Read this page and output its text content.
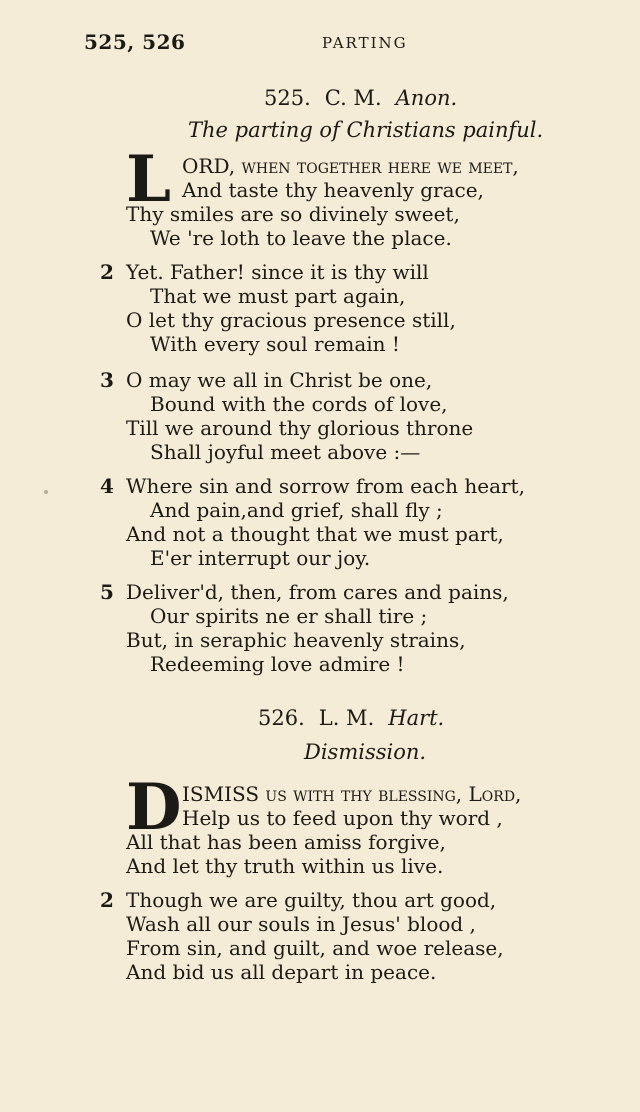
525, 526	PARTING
525. C. M. Anon.
The parting of Christians painful.
L ORD, when together here we meet,
And taste thy heavenly grace,
Thy smiles are so divinely sweet,
We 're loth to leave the place.
2 Yet. Father! since it is thy will
That we must part again,
O let thy gracious presence still,
With every soul remain !
3 O may we all in Christ be one,
Bound with the cords of love,
Till we around thy glorious throne
Shall joyful meet above :—
4 Where sin and sorrow from each heart,
And pain,and grief, shall fly ;
And not a thought that we must part,
E'er interrupt our joy.
5 Deliver'd, then, from cares and pains,
Our spirits ne er shall tire ;
But, in seraphic heavenly strains,
Redeeming love admire !
526. L. M. Hart.
Dismission.
D ISMISS us with thy blessing, Lord,
Help us to feed upon thy word ,
All that has been amiss forgive,
And let thy truth within us live.
2 Though we are guilty, thou art good,
Wash all our souls in Jesus' blood ,
From sin, and guilt, and woe release,
And bid us all depart in peace.
